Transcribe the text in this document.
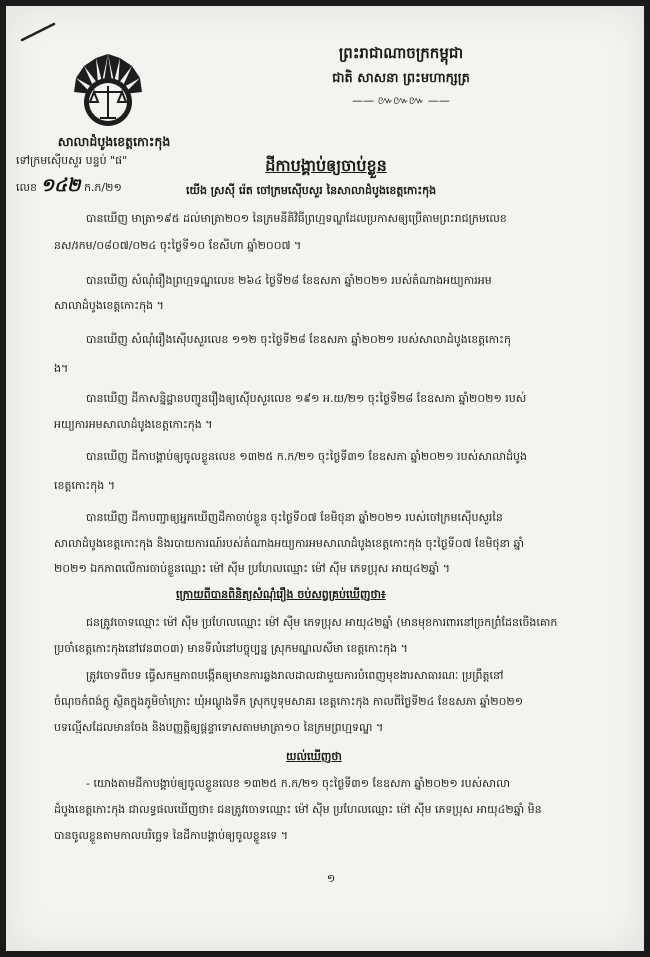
សាលាដំបូងខេត្តកោះកុង
ទៅក្រមស៊ើបសួរ បន្ទប់ "ផ"
លេខ ១៤២ ក.ក/២១
ព្រះរាជាណាចក្រកម្ពុជា
ជាតិ សាសនា ព្រះមហាក្សត្រ
—— ៚៚៚ ——
ដីកាបង្គាប់ឲ្យចាប់ខ្លួន
យើង ស្រស៊ី រ៉េត ចៅក្រមស៊ើបសួរ នៃសាលាដំបូងខេត្តកោះកុង
បានឃើញ មាត្រា១៩៥ ដល់មាត្រា២០១ នៃក្រមនីតិវិធីព្រហ្មទណ្ឌដែលប្រកាសឲ្យប្រើតាមព្រះរាជក្រមលេខ
នស/រកម/០៨០៧/០២៤ ចុះថ្ងៃទី១០ ខែសីហា ឆ្នាំ២០០៧ ។
បានឃើញ សំណុំរឿងព្រហ្មទណ្ឌលេខ ២៦៤ ថ្ងៃទី២៨ ខែឧសភា ឆ្នាំ២០២១ របស់តំណាងអយ្យការអម
សាលាដំបូងខេត្តកោះកុង ។
បានឃើញ សំណុំរឿងស៊ើបសួរលេខ ១១២ ចុះថ្ងៃទី២៨ ខែឧសភា ឆ្នាំ២០២១ របស់សាលាដំបូងខេត្តកោះកុ
ង។
បានឃើញ ដីកាសន្និដ្ឋានបញ្ជូនរឿងឲ្យស៊ើបសួរលេខ ១៩១ អ.យ/២១ ចុះថ្ងៃទី២៨ ខែឧសភា ឆ្នាំ២០២១ របស់
អយ្យការអមសាលាដំបូងខេត្តកោះកុង ។
បានឃើញ ដីកាបង្គាប់ឲ្យចូលខ្លួនលេខ ១៣២៥ ក.ក/២១ ចុះថ្ងៃទី៣១ ខែឧសភា ឆ្នាំ២០២១ របស់សាលាដំបូង
ខេត្តកោះកុង ។
បានឃើញ ដីកាបញ្ជាឲ្យអ្នកឃើញដីកាចាប់ខ្លួន ចុះថ្ងៃទី០៧ ខែមិថុនា ឆ្នាំ២០២១ របស់ចៅក្រមស៊ើបសួរនៃ
សាលាដំបូងខេត្តកោះកុង និងរបាយការណ៍របស់តំណាងអយ្យការអមសាលាដំបូងខេត្តកោះកុង ចុះថ្ងៃទី០៧ ខែមិថុនា ឆ្នាំ
២០២១ ឯកភាពលើការចាប់ខ្លួនឈ្មោះ ម៉ៅ ស៊ីម ប្រហែលឈ្មោះ ម៉ៅ ស៊ីម ភេទប្រុស អាយុ៤២ឆ្នាំ ។
ក្រោយពីបានពិនិត្យសំណុំរឿង ចប់សព្វគ្រប់ឃើញថា៖
ជនត្រូវចោទឈ្មោះ ម៉ៅ ស៊ីម ប្រហែលឈ្មោះ ម៉ៅ ស៊ីម ភេទប្រុស អាយុ៤២ឆ្នាំ (មានមុខការពារនៅច្រកព្រំដែនចើងគោក
ប្រចាំខេត្តកោះកុងនៅវេន៣០៣) មានទីលំនៅបច្ចុប្បន្ន ស្រុកមណ្ឌលសីមា ខេត្តកោះកុង ។
ត្រូវចោទពីបទ ធ្វើសកម្មភាពបង្កើតឲ្យមានការឆ្លងរាលដាលជាមួយការបំពេញមុខងារសាធារណៈ ប្រព្រឹត្តនៅ
ចំណុចកំពង់ក្លូ ស្ថិតក្នុងភូមិចាំក្រោះ ឃុំអណ្ដូងទឹក ស្រុកបូទុមសាគរ ខេត្តកោះកុង កាលពីថ្ងៃទី២៤ ខែឧសភា ឆ្នាំ២០២១
បទល្មើសដែលមានចែង និងបញ្ញត្តិឲ្យផ្ដន្ទាទោសតាមមាត្រា១០ នៃក្រមព្រហ្មទណ្ឌ ។
យល់ឃើញថា
- យោងតាមដីកាបង្គាប់ឲ្យចូលខ្លួនលេខ ១៣២៥ ក.ក/២១ ចុះថ្ងៃទី៣១ ខែឧសភា ឆ្នាំ២០២១ របស់សាលា
ដំបូងខេត្តកោះកុង ជាលទ្ធផលឃើញថា៖ ជនត្រូវចោទឈ្មោះ ម៉ៅ ស៊ីម ប្រហែលឈ្មោះ ម៉ៅ ស៊ីម ភេទប្រុស អាយុ៤២ឆ្នាំ មិន
បានចូលខ្លួនតាមកាលបរិច្ឆេទ នៃដីកាបង្គាប់ឲ្យចូលខ្លួនទេ ។
១
